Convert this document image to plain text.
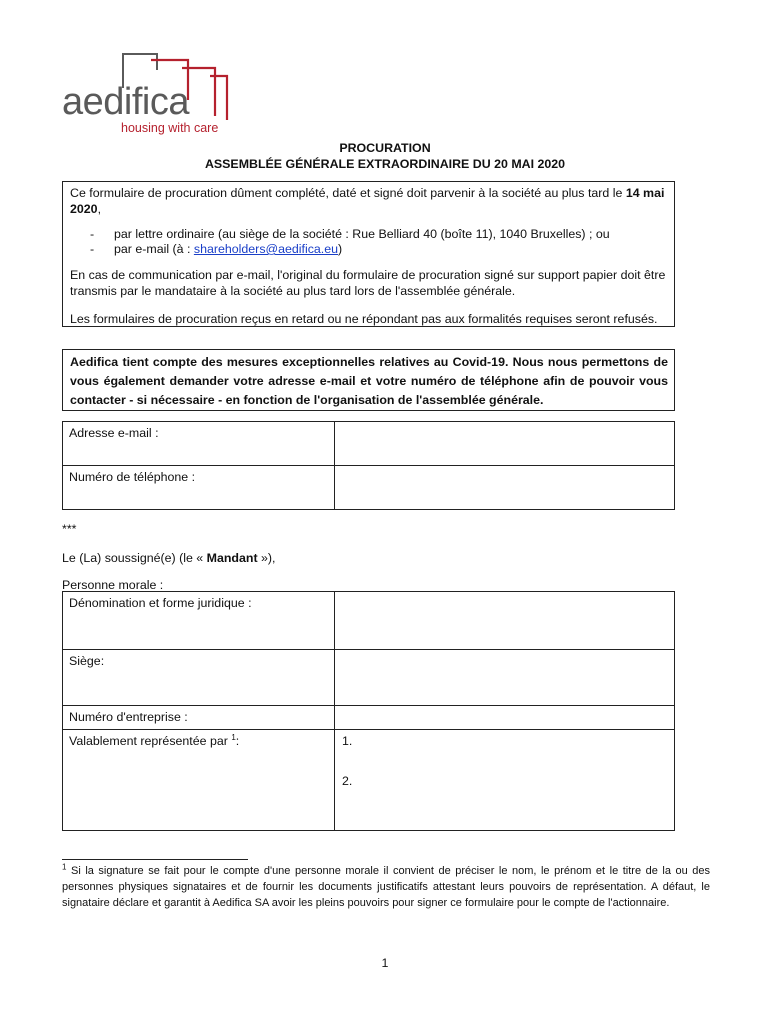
aedifica
housing with care
PROCURATION
ASSEMBLÉE GÉNÉRALE EXTRAORDINAIRE DU 20 MAI 2020
Ce formulaire de procuration dûment complété, daté et signé doit parvenir à la société au plus tard le 14 mai 2020,
- par lettre ordinaire (au siège de la société : Rue Belliard 40 (boîte 11), 1040 Bruxelles) ; ou
- par e-mail (à : shareholders@aedifica.eu)
En cas de communication par e-mail, l'original du formulaire de procuration signé sur support papier doit être transmis par le mandataire à la société au plus tard lors de l'assemblée générale.
Les formulaires de procuration reçus en retard ou ne répondant pas aux formalités requises seront refusés.
Aedifica tient compte des mesures exceptionnelles relatives au Covid-19. Nous nous permettons de vous également demander votre adresse e-mail et votre numéro de téléphone afin de pouvoir vous contacter - si nécessaire - en fonction de l'organisation de l'assemblée générale.
Adresse e-mail :	
Numéro de téléphone :	
***
Le (La) soussigné(e) (le « Mandant »),
Personne morale :
Dénomination et forme juridique :	
Siège:	
Numéro d'entreprise :	
Valablement représentée par $^1$:	1.
2.
$^1$ Si la signature se fait pour le compte d'une personne morale il convient de préciser le nom, le prénom et le titre de la ou des personnes physiques signataires et de fournir les documents justificatifs attestant leurs pouvoirs de représentation. A défaut, le signataire déclare et garantit à Aedifica SA avoir les pleins pouvoirs pour signer ce formulaire pour le compte de l'actionnaire.
1
